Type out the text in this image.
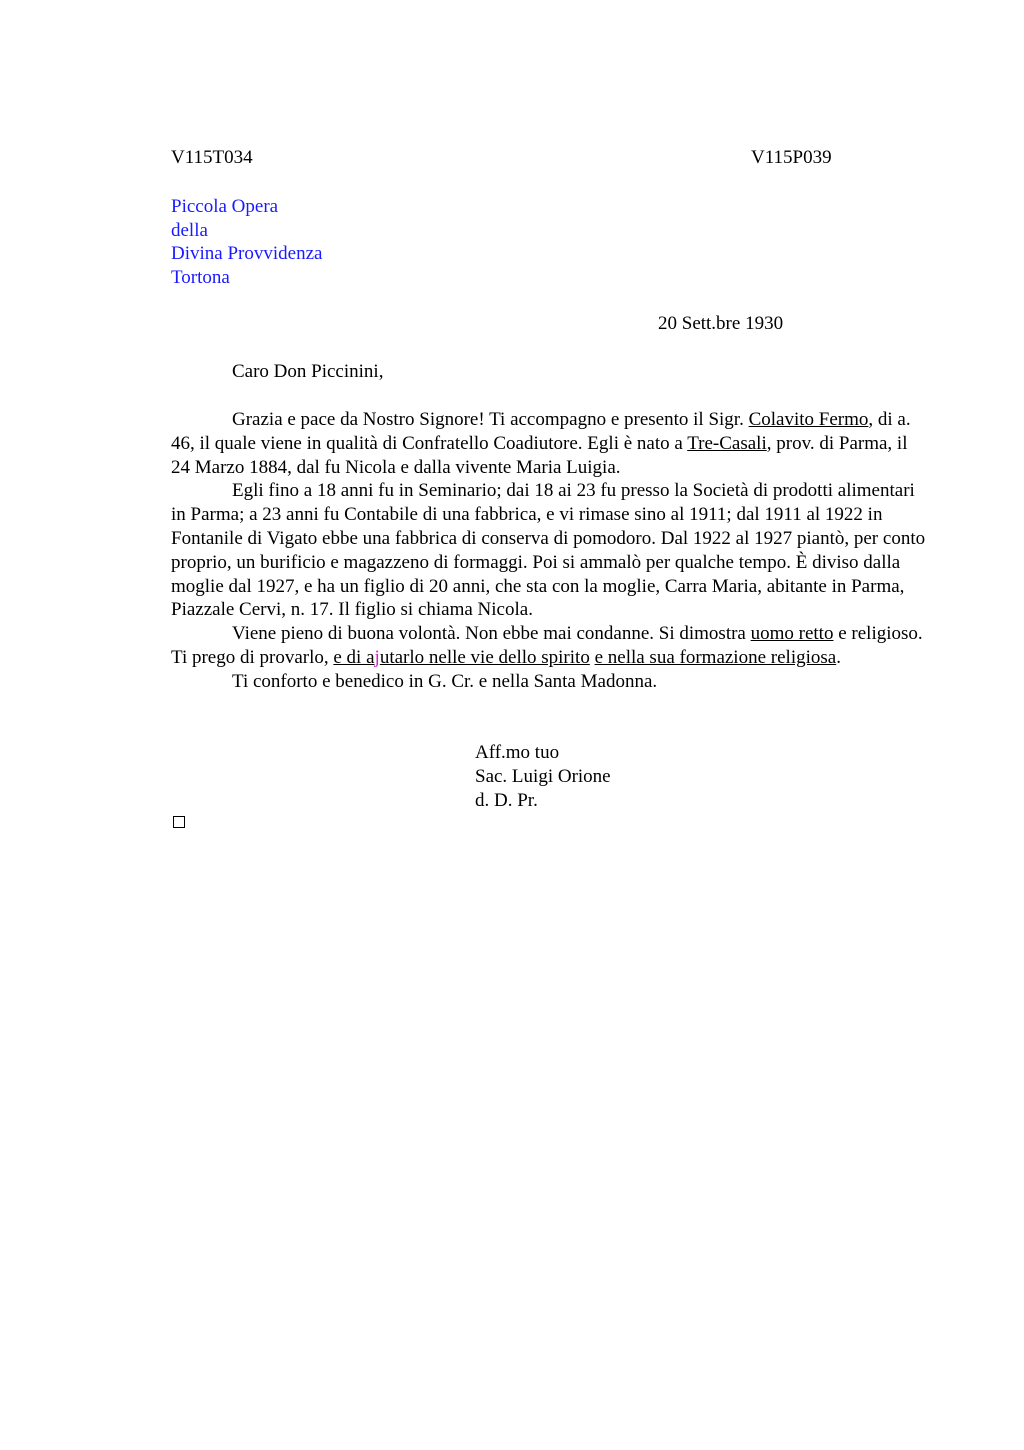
V115T034	V115P039
Piccola Opera
della
Divina Provvidenza
Tortona
20 Sett.bre 1930
Caro Don Piccinini,

Grazia e pace da Nostro Signore! Ti accompagno e presento il Sigr. Colavito Fermo, di a. 46, il quale viene in qualità di Confratello Coadiutore. Egli è nato a Tre-Casali, prov. di Parma, il 24 Marzo 1884, dal fu Nicola e dalla vivente Maria Luigia.

Egli fino a 18 anni fu in Seminario; dai 18 ai 23 fu presso la Società di prodotti alimentari in Parma; a 23 anni fu Contabile di una fabbrica, e vi rimase sino al 1911; dal 1911 al 1922 in Fontanile di Vigato ebbe una fabbrica di conserva di pomodoro. Dal 1922 al 1927 piantò, per conto proprio, un burificio e magazzeno di formaggi. Poi si ammalò per qualche tempo. È diviso dalla moglie dal 1927, e ha un figlio di 20 anni, che sta con la moglie, Carra Maria, abitante in Parma, Piazzale Cervi, n. 17. Il figlio si chiama Nicola.

Viene pieno di buona volontà. Non ebbe mai condanne. Si dimostra uomo retto e religioso. Ti prego di provarlo, e di ajutarlo nelle vie dello spirito e nella sua formazione religiosa.

Ti conforto e benedico in G. Cr. e nella Santa Madonna.

Aff.mo tuo
Sac. Luigi Orione
d. D. Pr.
